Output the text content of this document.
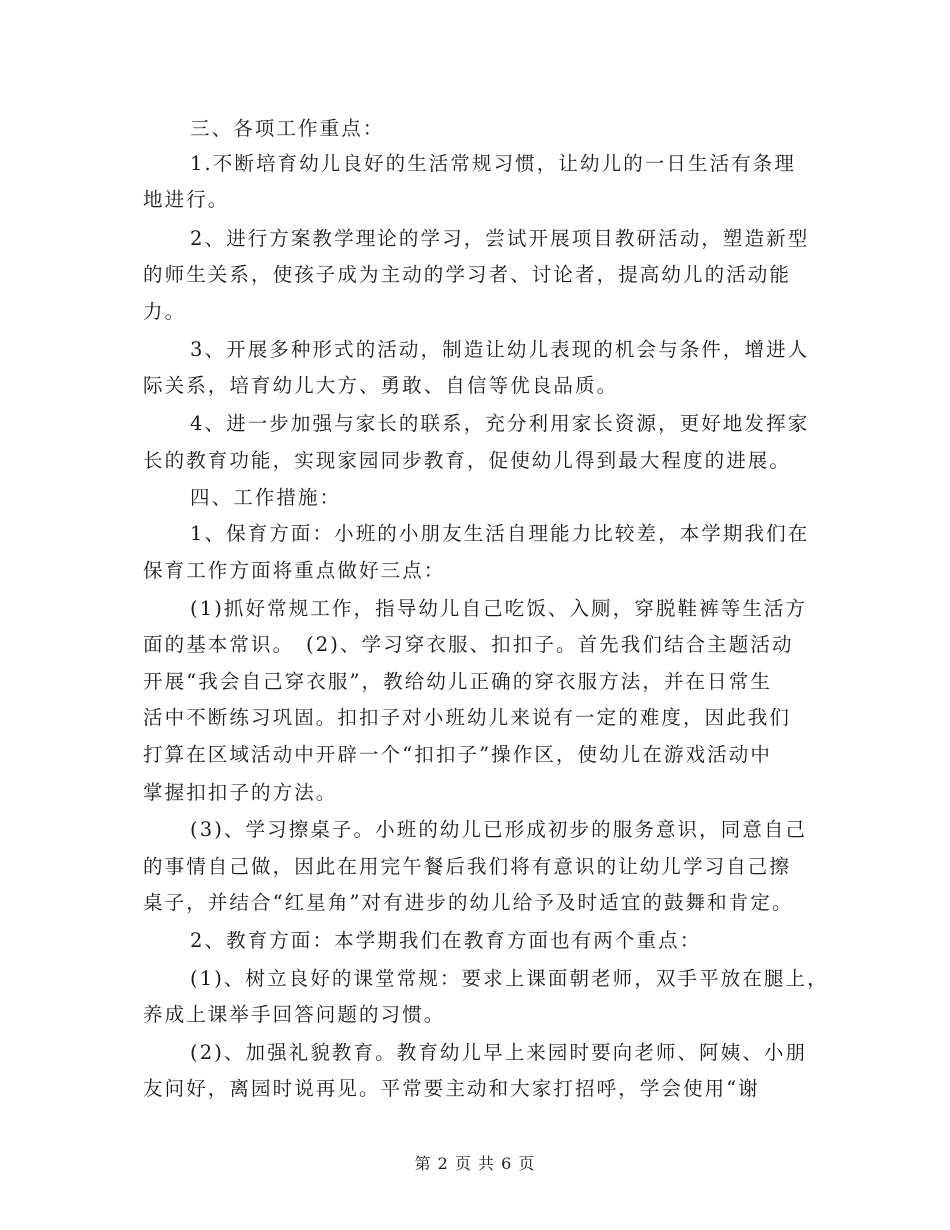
三、各项工作重点：
1.不断培育幼儿良好的生活常规习惯，让幼儿的一日生活有条理
地进行。
2、进行方案教学理论的学习，尝试开展项目教研活动，塑造新型
的师生关系，使孩子成为主动的学习者、讨论者，提高幼儿的活动能
力。
3、开展多种形式的活动，制造让幼儿表现的机会与条件，增进人
际关系，培育幼儿大方、勇敢、自信等优良品质。
4、进一步加强与家长的联系，充分利用家长资源，更好地发挥家
长的教育功能，实现家园同步教育，促使幼儿得到最大程度的进展。
四、工作措施：
1、保育方面：小班的小朋友生活自理能力比较差，本学期我们在
保育工作方面将重点做好三点：
(1)抓好常规工作，指导幼儿自己吃饭、入厕，穿脱鞋裤等生活方
面的基本常识。　(2)、学习穿衣服、扣扣子。首先我们结合主题活动
开展“我会自己穿衣服”，教给幼儿正确的穿衣服方法，并在日常生
活中不断练习巩固。扣扣子对小班幼儿来说有一定的难度，因此我们
打算在区域活动中开辟一个“扣扣子”操作区，使幼儿在游戏活动中
掌握扣扣子的方法。
(3)、学习擦桌子。小班的幼儿已形成初步的服务意识，同意自己
的事情自己做，因此在用完午餐后我们将有意识的让幼儿学习自己擦
桌子，并结合“红星角”对有进步的幼儿给予及时适宜的鼓舞和肯定。
2、教育方面：本学期我们在教育方面也有两个重点：
(1)、树立良好的课堂常规：要求上课面朝老师，双手平放在腿上，
养成上课举手回答问题的习惯。
(2)、加强礼貌教育。教育幼儿早上来园时要向老师、阿姨、小朋
友问好，离园时说再见。平常要主动和大家打招呼，学会使用“谢
第 2 页 共 6 页
